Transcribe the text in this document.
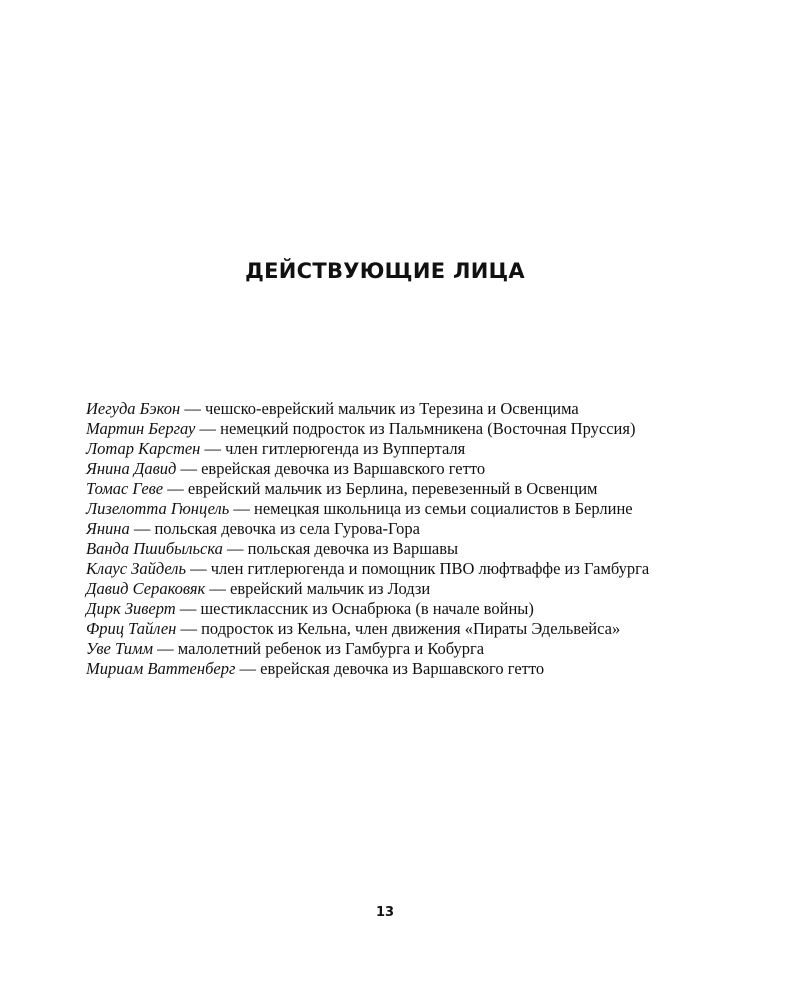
ДЕЙСТВУЮЩИЕ ЛИЦА
Иегуда Бэкон — чешско-еврейский мальчик из Терезина и Освенцима
Мартин Бергау — немецкий подросток из Пальмникена (Восточная Пруссия)
Лотар Карстен — член гитлерюгенда из Вупперталя
Янина Давид — еврейская девочка из Варшавского гетто
Томас Геве — еврейский мальчик из Берлина, перевезенный в Освенцим
Лизелотта Гюнцель — немецкая школьница из семьи социалистов в Берлине
Янина — польская девочка из села Гурова-Гора
Ванда Пшибыльска — польская девочка из Варшавы
Клаус Зайдель — член гитлерюгенда и помощник ПВО люфтваффе из Гамбурга
Давид Сераковяк — еврейский мальчик из Лодзи
Дирк Зиверт — шестиклассник из Оснабрюка (в начале войны)
Фриц Тайлен — подросток из Кельна, член движения «Пираты Эдельвейса»
Уве Тимм — малолетний ребенок из Гамбурга и Кобурга
Мириам Ваттенберг — еврейская девочка из Варшавского гетто
13
